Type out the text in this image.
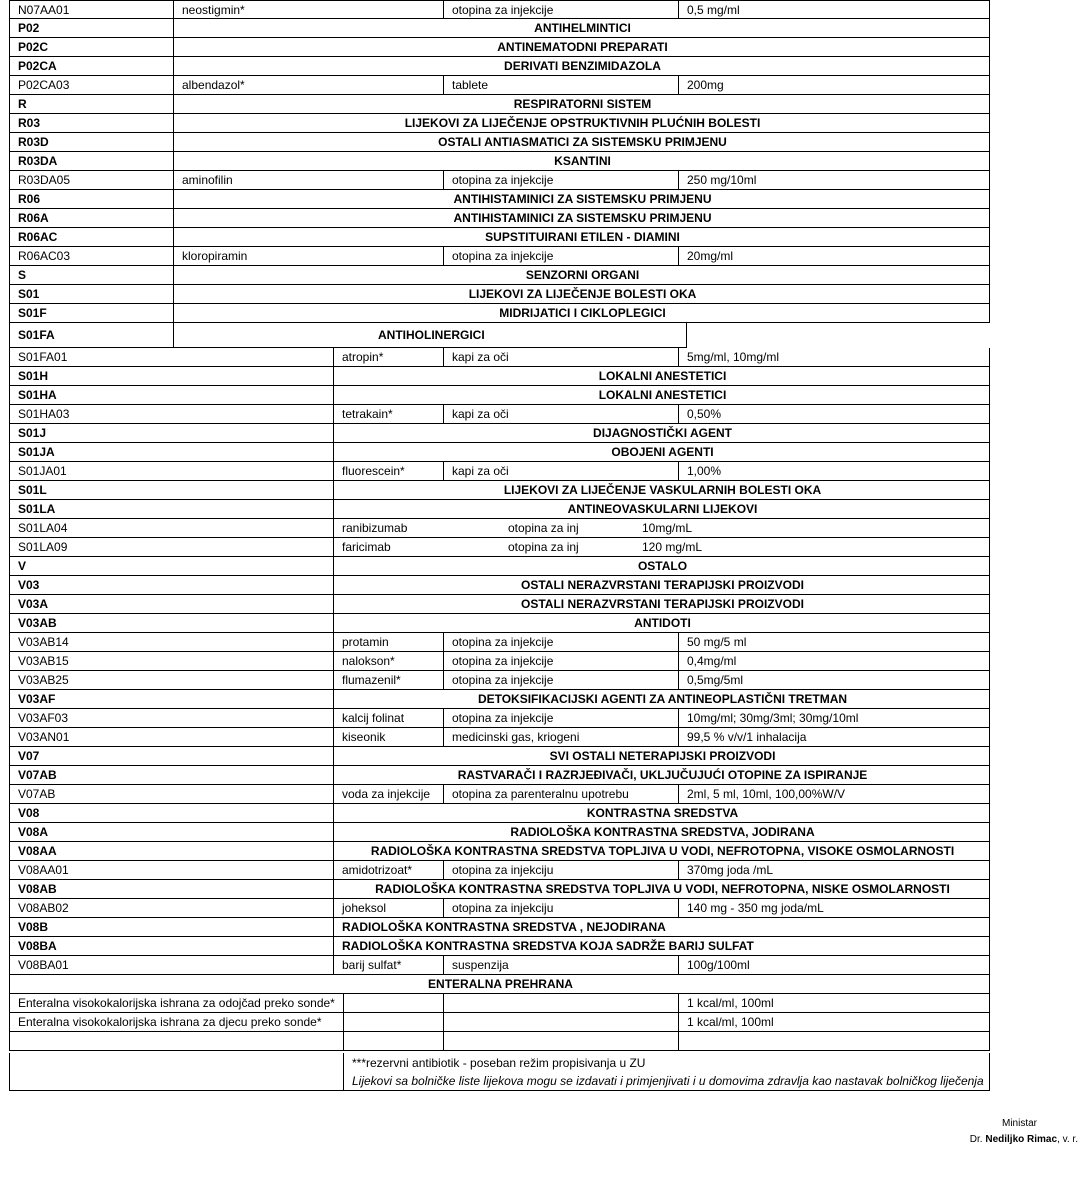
N07AA01	neostigmin*	otopina za injekcije	0,5 mg/ml
P02	ANTIHELMINTICI
P02C	ANTINEMATODNI PREPARATI
P02CA	DERIVATI BENZIMIDAZOLA
P02CA03	albendazol*	tablete	200mg
R	RESPIRATORNI SISTEM
R03	LIJEKOVI ZA LIJEČENJE OPSTRUKTIVNIH PLUĆNIH BOLESTI
R03D	OSTALI ANTIASMATICI ZA SISTEMSKU PRIMJENU
R03DA	KSANTINI
R03DA05	aminofilin	otopina za injekcije	250 mg/10ml
R06	ANTIHISTAMINICI ZA SISTEMSKU PRIMJENU
R06A	ANTIHISTAMINICI ZA SISTEMSKU PRIMJENU
R06AC	SUPSTITUIRANI ETILEN - DIAMINI
R06AC03	kloropiramin	otopina za injekcije	20mg/ml
S	SENZORNI ORGANI
S01	LIJEKOVI ZA LIJEČENJE BOLESTI OKA
S01F	MIDRIJATICI I CIKLOPLEGICI
S01FA	ANTIHOLINERGICI
S01FA01	atropin*	kapi za oči	5mg/ml, 10mg/ml
S01H	LOKALNI ANESTETICI
S01HA	LOKALNI ANESTETICI
S01HA03	tetrakain*	kapi za oči	0,50%
S01J	DIJAGNOSTIČKI AGENT
S01JA	OBOJENI AGENTI
S01JA01	fluorescein*	kapi za oči	1,00%
S01L	LIJEKOVI ZA LIJEČENJE VASKULARNIH BOLESTI OKA
S01LA	ANTINEOVASKULARNI LIJEKOVI
S01LA04	ranibizumab	otopina za inj	10mg/mL
S01LA09	faricimab	otopina za inj	120 mg/mL
V	OSTALO
V03	OSTALI NERAZVRSTANI TERAPIJSKI PROIZVODI
V03A	OSTALI NERAZVRSTANI TERAPIJSKI PROIZVODI
V03AB	ANTIDOTI
V03AB14	protamin	otopina za injekcije	50 mg/5 ml
V03AB15	nalokson*	otopina za injekcije	0,4mg/ml
V03AB25	flumazenil*	otopina za injekcije	0,5mg/5ml
V03AF	DETOKSIFIKACIJSKI AGENTI ZA ANTINEOPLASTIČNI TRETMAN
V03AF03	kalcij folinat	otopina za injekcije	10mg/ml; 30mg/3ml; 30mg/10ml
V03AN01	kiseonik	medicinski gas, kriogeni	99,5 % v/v/1 inhalacija
V07	SVI OSTALI NETERAPIJSKI PROIZVODI
V07AB	RASTVARAČI I RAZRJEĐIVAČI, UKLJUČUJUĆI OTOPINE ZA ISPIRANJE
V07AB	voda za injekcije	otopina za parenteralnu upotrebu	2ml, 5 ml, 10ml, 100,00%W/V
V08	KONTRASTNA SREDSTVA
V08A	RADIOLOŠKA KONTRASTNA SREDSTVA, JODIRANA
V08AA	RADIOLOŠKA KONTRASTNA SREDSTVA TOPLJIVA U VODI, NEFROTOPNA, VISOKE OSMOLARNOSTI
V08AA01	amidotrizoat*	otopina za injekciju	370mg joda /mL
V08AB	RADIOLOŠKA KONTRASTNA SREDSTVA TOPLJIVA U VODI, NEFROTOPNA, NISKE OSMOLARNOSTI
V08AB02	joheksol	otopina za injekciju	140 mg - 350 mg joda/mL
V08B	RADIOLOŠKA KONTRASTNA SREDSTVA , NEJODIRANA
V08BA	RADIOLOŠKA KONTRASTNA SREDSTVA KOJA SADRŽE BARIJ SULFAT
V08BA01	barij sulfat*	suspenzija	100g/100ml
ENTERALNA PREHRANA
Enteralna visokokalorijska ishrana za odojčad preko sonde*	1 kcal/ml, 100ml
Enteralna visokokalorijska ishrana za djecu preko sonde*	1 kcal/ml, 100ml
***rezervni antibiotik - poseban režim propisivanja u ZU
Lijekovi sa bolničke liste lijekova mogu se izdavati i primjenjivati i u domovima zdravlja kao nastavak bolničkog liječenja
Ministar
Dr. Nediljko Rimac, v. r.
